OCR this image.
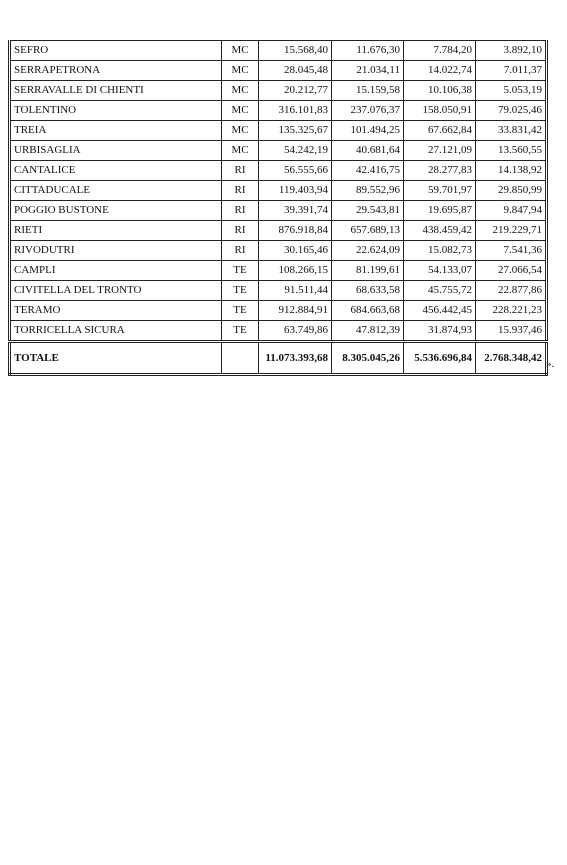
SEFRO	MC	15.568,40	11.676,30	7.784,20	3.892,10
SERRAPETRONA	MC	28.045,48	21.034,11	14.022,74	7.011,37
SERRAVALLE DI CHIENTI	MC	20.212,77	15.159,58	10.106,38	5.053,19
TOLENTINO	MC	316.101,83	237.076,37	158.050,91	79.025,46
TREIA	MC	135.325,67	101.494,25	67.662,84	33.831,42
URBISAGLIA	MC	54.242,19	40.681,64	27.121,09	13.560,55
CANTALICE	RI	56.555,66	42.416,75	28.277,83	14.138,92
CITTADUCALE	RI	119.403,94	89.552,96	59.701,97	29.850,99
POGGIO BUSTONE	RI	39.391,74	29.543,81	19.695,87	9.847,94
RIETI	RI	876.918,84	657.689,13	438.459,42	219.229,71
RIVODUTRI	RI	30.165,46	22.624,09	15.082,73	7.541,36
CAMPLI	TE	108.266,15	81.199,61	54.133,07	27.066,54
CIVITELLA DEL TRONTO	TE	91.511,44	68.633,58	45.755,72	22.877,86
TERAMO	TE	912.884,91	684.663,68	456.442,45	228.221,23
TORRICELLA SICURA	TE	63.749,86	47.812,39	31.874,93	15.937,46
TOTALE		11.073.393,68	8.305.045,26	5.536.696,84	2.768.348,42 ».
